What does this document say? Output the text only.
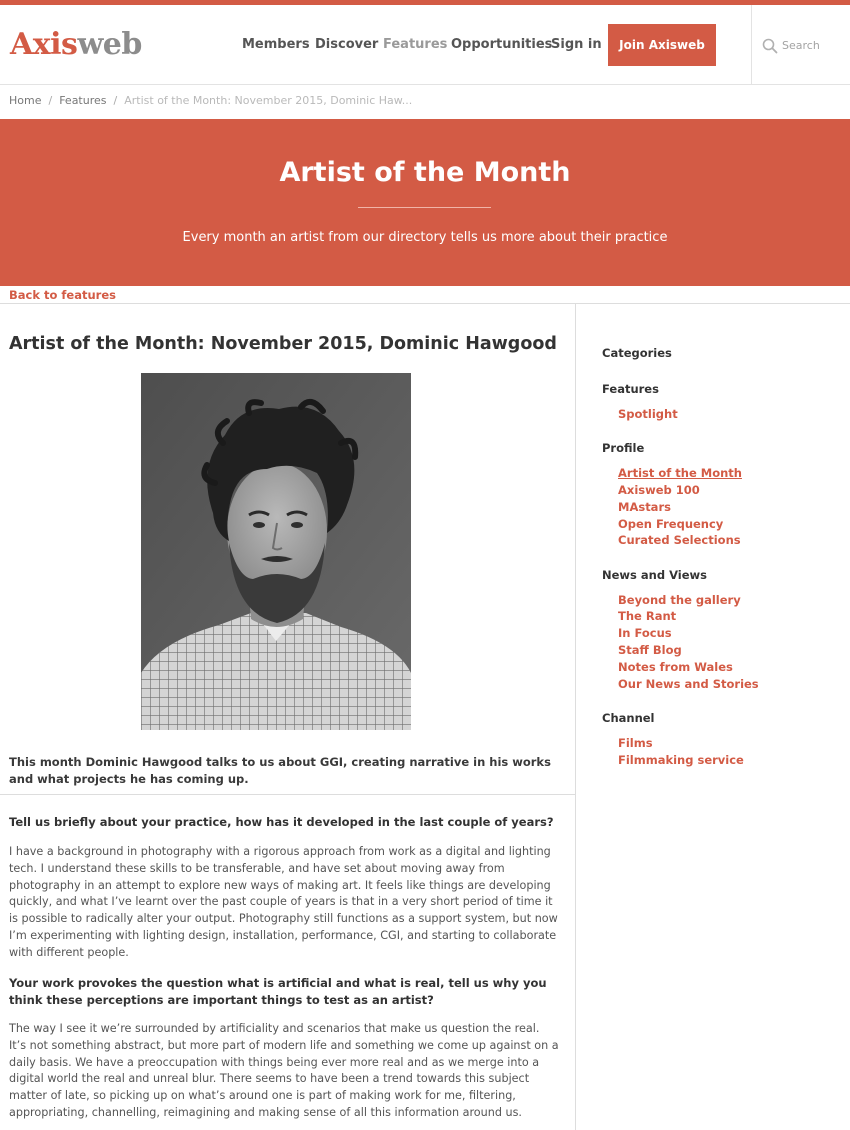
Axisweb	Members Discover Features Opportunities
Sign in	Join Axisweb
Search
Home / Features / Artist of the Month: November 2015, Dominic Haw...
Artist of the Month
Every month an artist from our directory tells us more about their practice
Back to features
Artist of the Month: November 2015, Dominic Hawgood

This month Dominic Hawgood talks to us about GGI, creating narrative in his works and what projects he has coming up.

Tell us briefly about your practice, how has it developed in the last couple of years?

I have a background in photography with a rigorous approach from work as a digital and lighting tech. I understand these skills to be transferable, and have set about moving away from photography in an attempt to explore new ways of making art. It feels like things are developing quickly, and what I’ve learnt over the past couple of years is that in a very short period of time it is possible to radically alter your output. Photography still functions as a support system, but now I’m experimenting with lighting design, installation, performance, CGI, and starting to collaborate with different people.

Your work provokes the question what is artificial and what is real, tell us why you think these perceptions are important things to test as an artist?

The way I see it we’re surrounded by artificiality and scenarios that make us question the real. It’s not something abstract, but more part of modern life and something we come up against on a daily basis. We have a preoccupation with things being ever more real and as we merge into a digital world the real and unreal blur. There seems to have been a trend towards this subject matter of late, so picking up on what’s around one is part of making work for me, filtering, appropriating, channelling, reimagining and making sense of all this information around us.

Categories
Features
Spotlight
Profile
Artist of the Month
Axisweb 100
MAstars
Open Frequency
Curated Selections
News and Views
Beyond the gallery
The Rant
In Focus
Staff Blog
Notes from Wales
Our News and Stories
Channel
Films
Filmmaking service
